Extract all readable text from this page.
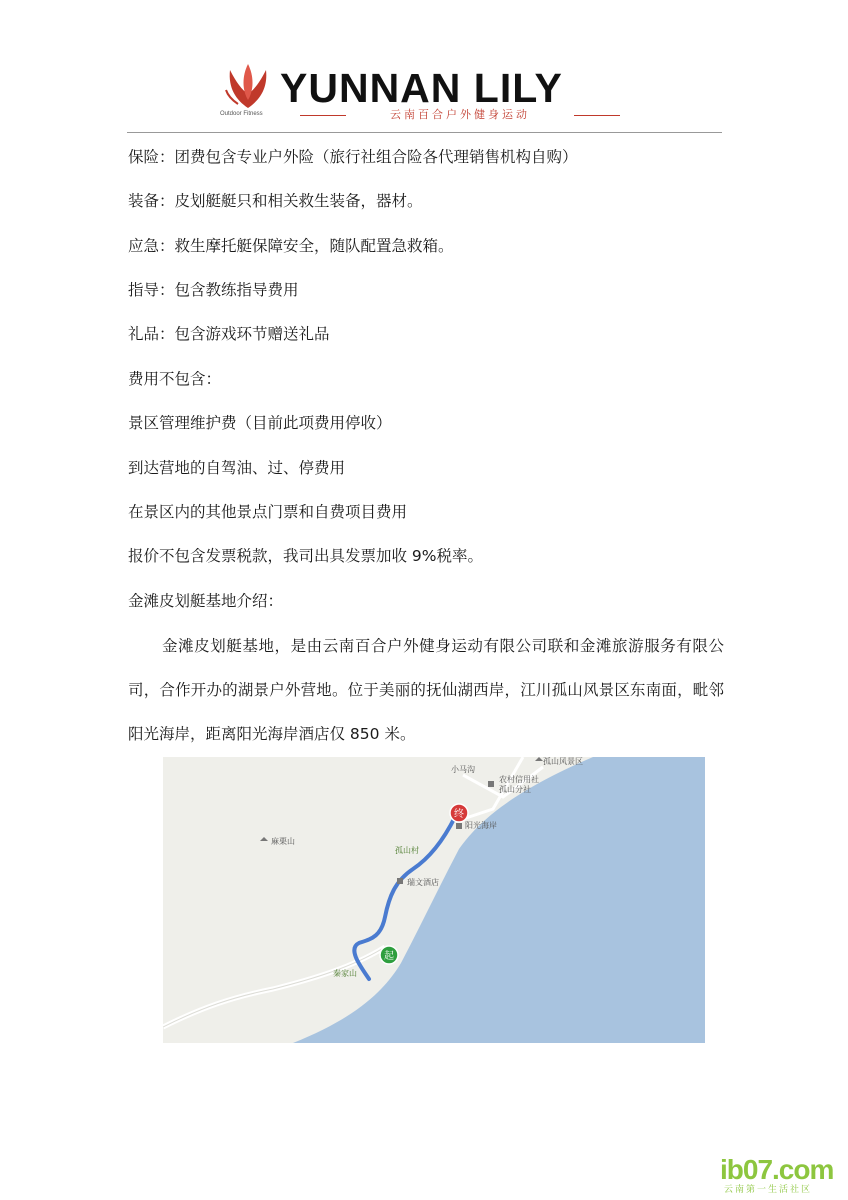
YUNNAN LILY
云南百合户外健身运动
Outdoor Fitness
保险：团费包含专业户外险（旅行社组合险各代理销售机构自购）
装备：皮划艇艇只和相关救生装备，器材。
应急：救生摩托艇保障安全，随队配置急救箱。
指导：包含教练指导费用
礼品：包含游戏环节赠送礼品
费用不包含：
景区管理维护费（目前此项费用停收）
到达营地的自驾油、过、停费用
在景区内的其他景点门票和自费项目费用
报价不包含发票税款，我司出具发票加收 9%税率。
金滩皮划艇基地介绍：
金滩皮划艇基地，是由云南百合户外健身运动有限公司联和金滩旅游服务有限公司，合作开办的湖景户外营地。位于美丽的抚仙湖西岸，江川孤山风景区东南面，毗邻阳光海岸，距离阳光海岸酒店仅 850 米。
终
起
孤山风景区
小马沟
农村信用社
孤山分社
阳光海岸
麻栗山
孤山村
瑞文酒店
秦家山
ib07.com
云南第一生活社区
